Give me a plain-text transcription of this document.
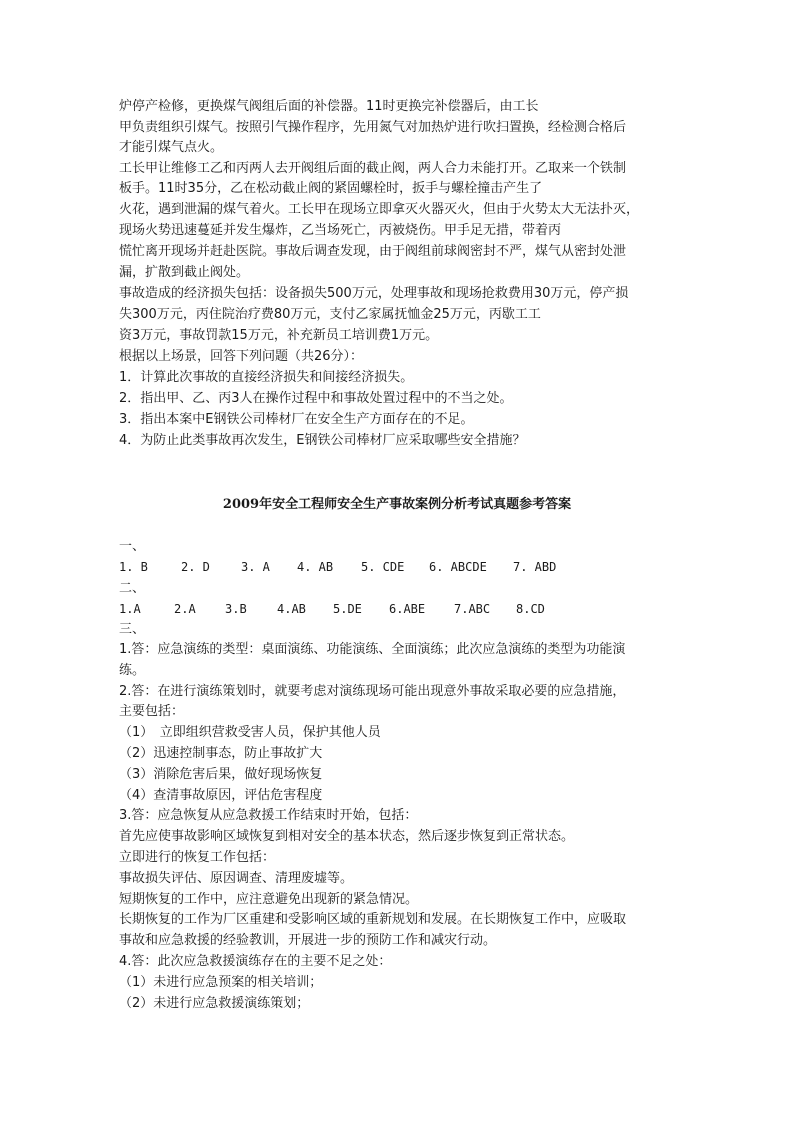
炉停产检修，更换煤气阀组后面的补偿器。11时更换完补偿器后，由工长
甲负责组织引煤气。按照引气操作程序，先用氮气对加热炉进行吹扫置换，经检测合格后
才能引煤气点火。
工长甲让维修工乙和丙两人去开阀组后面的截止阀，两人合力未能打开。乙取来一个铁制
板手。11时35分，乙在松动截止阀的紧固螺栓时，扳手与螺栓撞击产生了
火花，遇到泄漏的煤气着火。工长甲在现场立即拿灭火器灭火，但由于火势太大无法扑灭，
现场火势迅速蔓延并发生爆炸，乙当场死亡，丙被烧伤。甲手足无措，带着丙
慌忙离开现场并赶赴医院。事故后调查发现，由于阀组前球阀密封不严，煤气从密封处泄
漏，扩散到截止阀处。
事故造成的经济损失包括：设备损失500万元，处理事故和现场抢救费用30万元，停产损
失300万元，丙住院治疗费80万元，支付乙家属抚恤金25万元，丙歇工工
资3万元，事故罚款15万元，补充新员工培训费1万元。
根据以上场景，回答下列问题（共26分）：
1．计算此次事故的直接经济损失和间接经济损失。
2．指出甲、乙、丙3人在操作过程中和事故处置过程中的不当之处。
3．指出本案中E钢铁公司棒材厂在安全生产方面存在的不足。
4．为防止此类事故再次发生，E钢铁公司棒材厂应采取哪些安全措施？
2009年安全工程师安全生产事故案例分析考试真题参考答案
一、
1. B	2. D	3. A 4. AB 5. CDE 6. ABCDE 7. ABD
二、
1.A	2.A 3.B	4.AB 5.DE 6.ABE 7.ABC 8.CD
三、
1.答：应急演练的类型：桌面演练、功能演练、全面演练；此次应急演练的类型为功能演
练。
2.答：在进行演练策划时，就要考虑对演练现场可能出现意外事故采取必要的应急措施，
主要包括：
（1）　立即组织营救受害人员，保护其他人员
（2）迅速控制事态，防止事故扩大
（3）消除危害后果，做好现场恢复
（4）查清事故原因，评估危害程度
3.答：应急恢复从应急救援工作结束时开始，包括：
首先应使事故影响区域恢复到相对安全的基本状态，然后逐步恢复到正常状态。
立即进行的恢复工作包括：
事故损失评估、原因调查、清理废墟等。
短期恢复的工作中，应注意避免出现新的紧急情况。
长期恢复的工作为厂区重建和受影响区域的重新规划和发展。在长期恢复工作中，应吸取
事故和应急救援的经验教训，开展进一步的预防工作和减灾行动。
4.答：此次应急救援演练存在的主要不足之处：
（1）未进行应急预案的相关培训；
（2）未进行应急救援演练策划；
